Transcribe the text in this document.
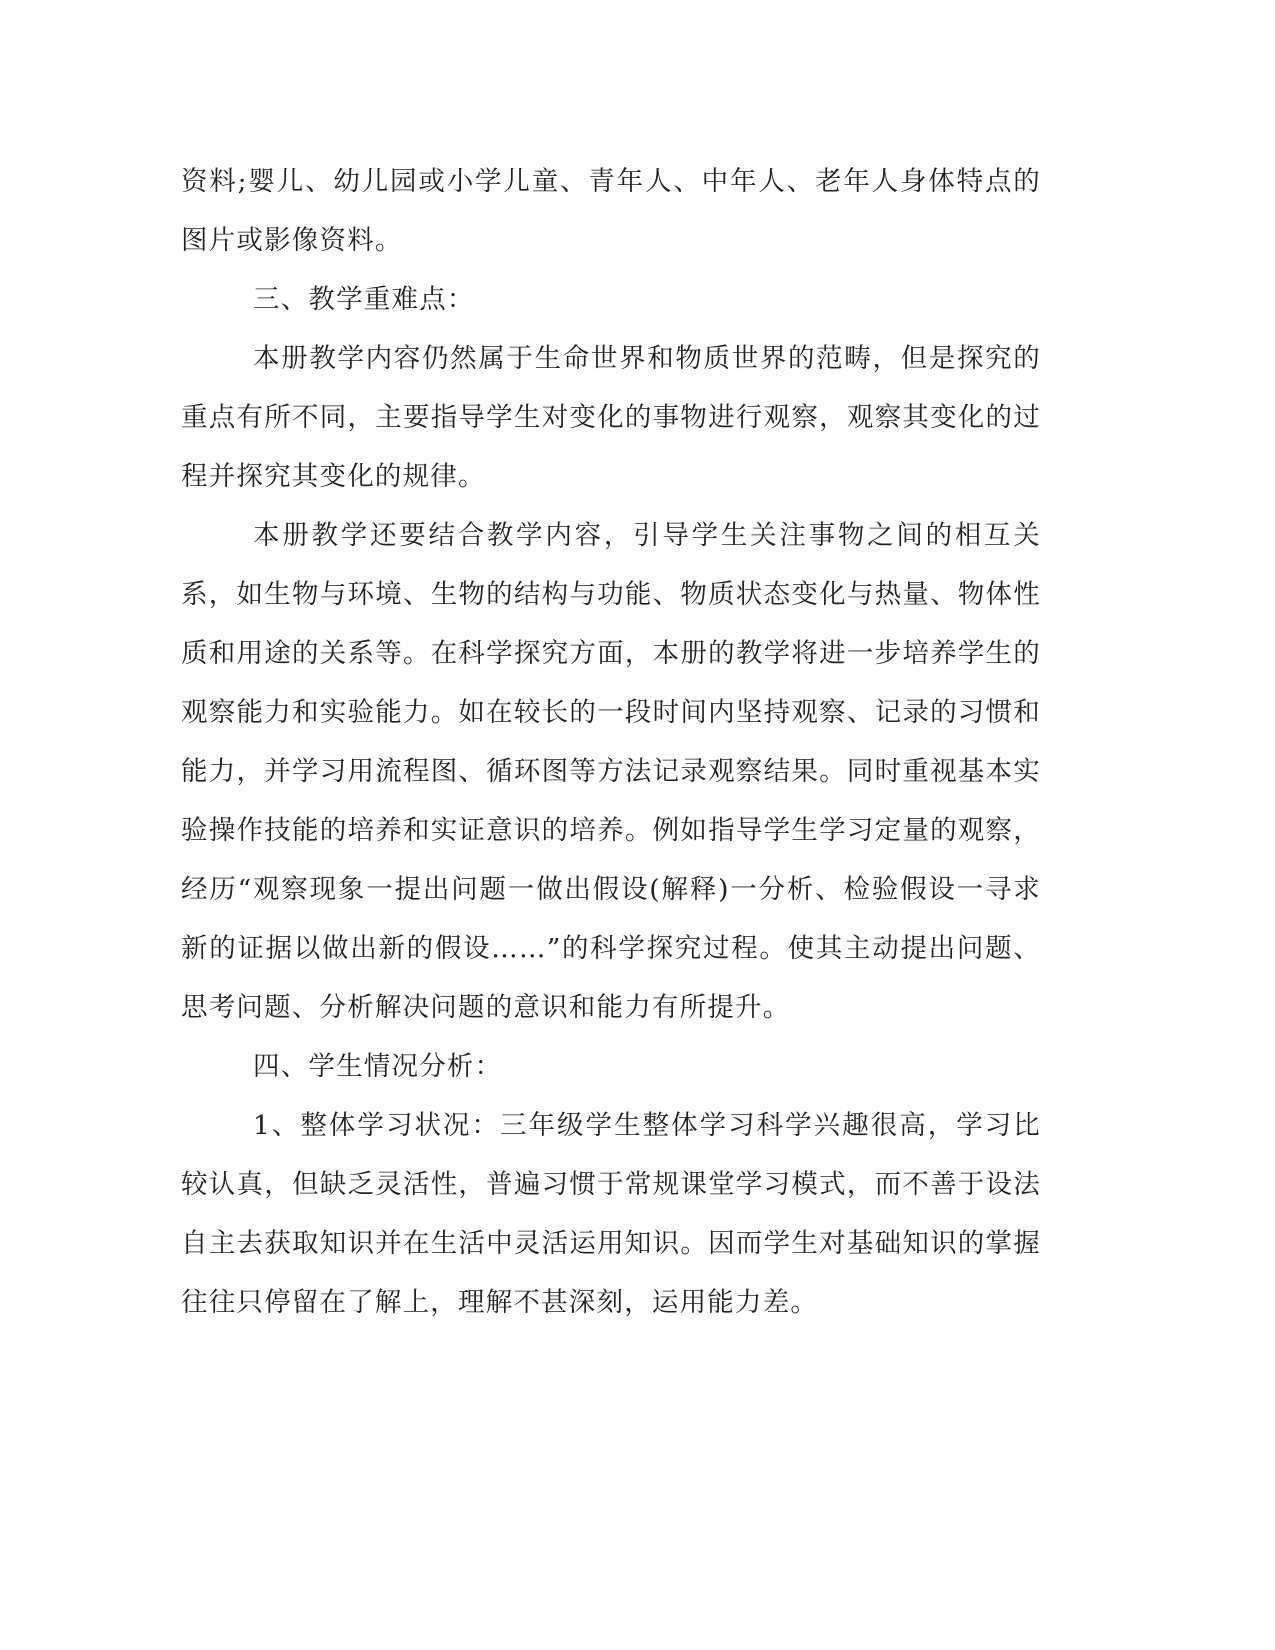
资料;婴儿、幼儿园或小学儿童、青年人、中年人、老年人身体特点的图片或影像资料。

三、教学重难点：

本册教学内容仍然属于生命世界和物质世界的范畴，但是探究的重点有所不同，主要指导学生对变化的事物进行观察，观察其变化的过程并探究其变化的规律。

本册教学还要结合教学内容，引导学生关注事物之间的相互关系，如生物与环境、生物的结构与功能、物质状态变化与热量、物体性质和用途的关系等。在科学探究方面，本册的教学将进一步培养学生的观察能力和实验能力。如在较长的一段时间内坚持观察、记录的习惯和能力，并学习用流程图、循环图等方法记录观察结果。同时重视基本实验操作技能的培养和实证意识的培养。例如指导学生学习定量的观察，经历“观察现象一提出问题一做出假设(解释)一分析、检验假设一寻求新的证据以做出新的假设……”的科学探究过程。使其主动提出问题、思考问题、分析解决问题的意识和能力有所提升。

四、学生情况分析：

1、整体学习状况：三年级学生整体学习科学兴趣很高，学习比较认真，但缺乏灵活性，普遍习惯于常规课堂学习模式，而不善于设法自主去获取知识并在生活中灵活运用知识。因而学生对基础知识的掌握往往只停留在了解上，理解不甚深刻，运用能力差。
